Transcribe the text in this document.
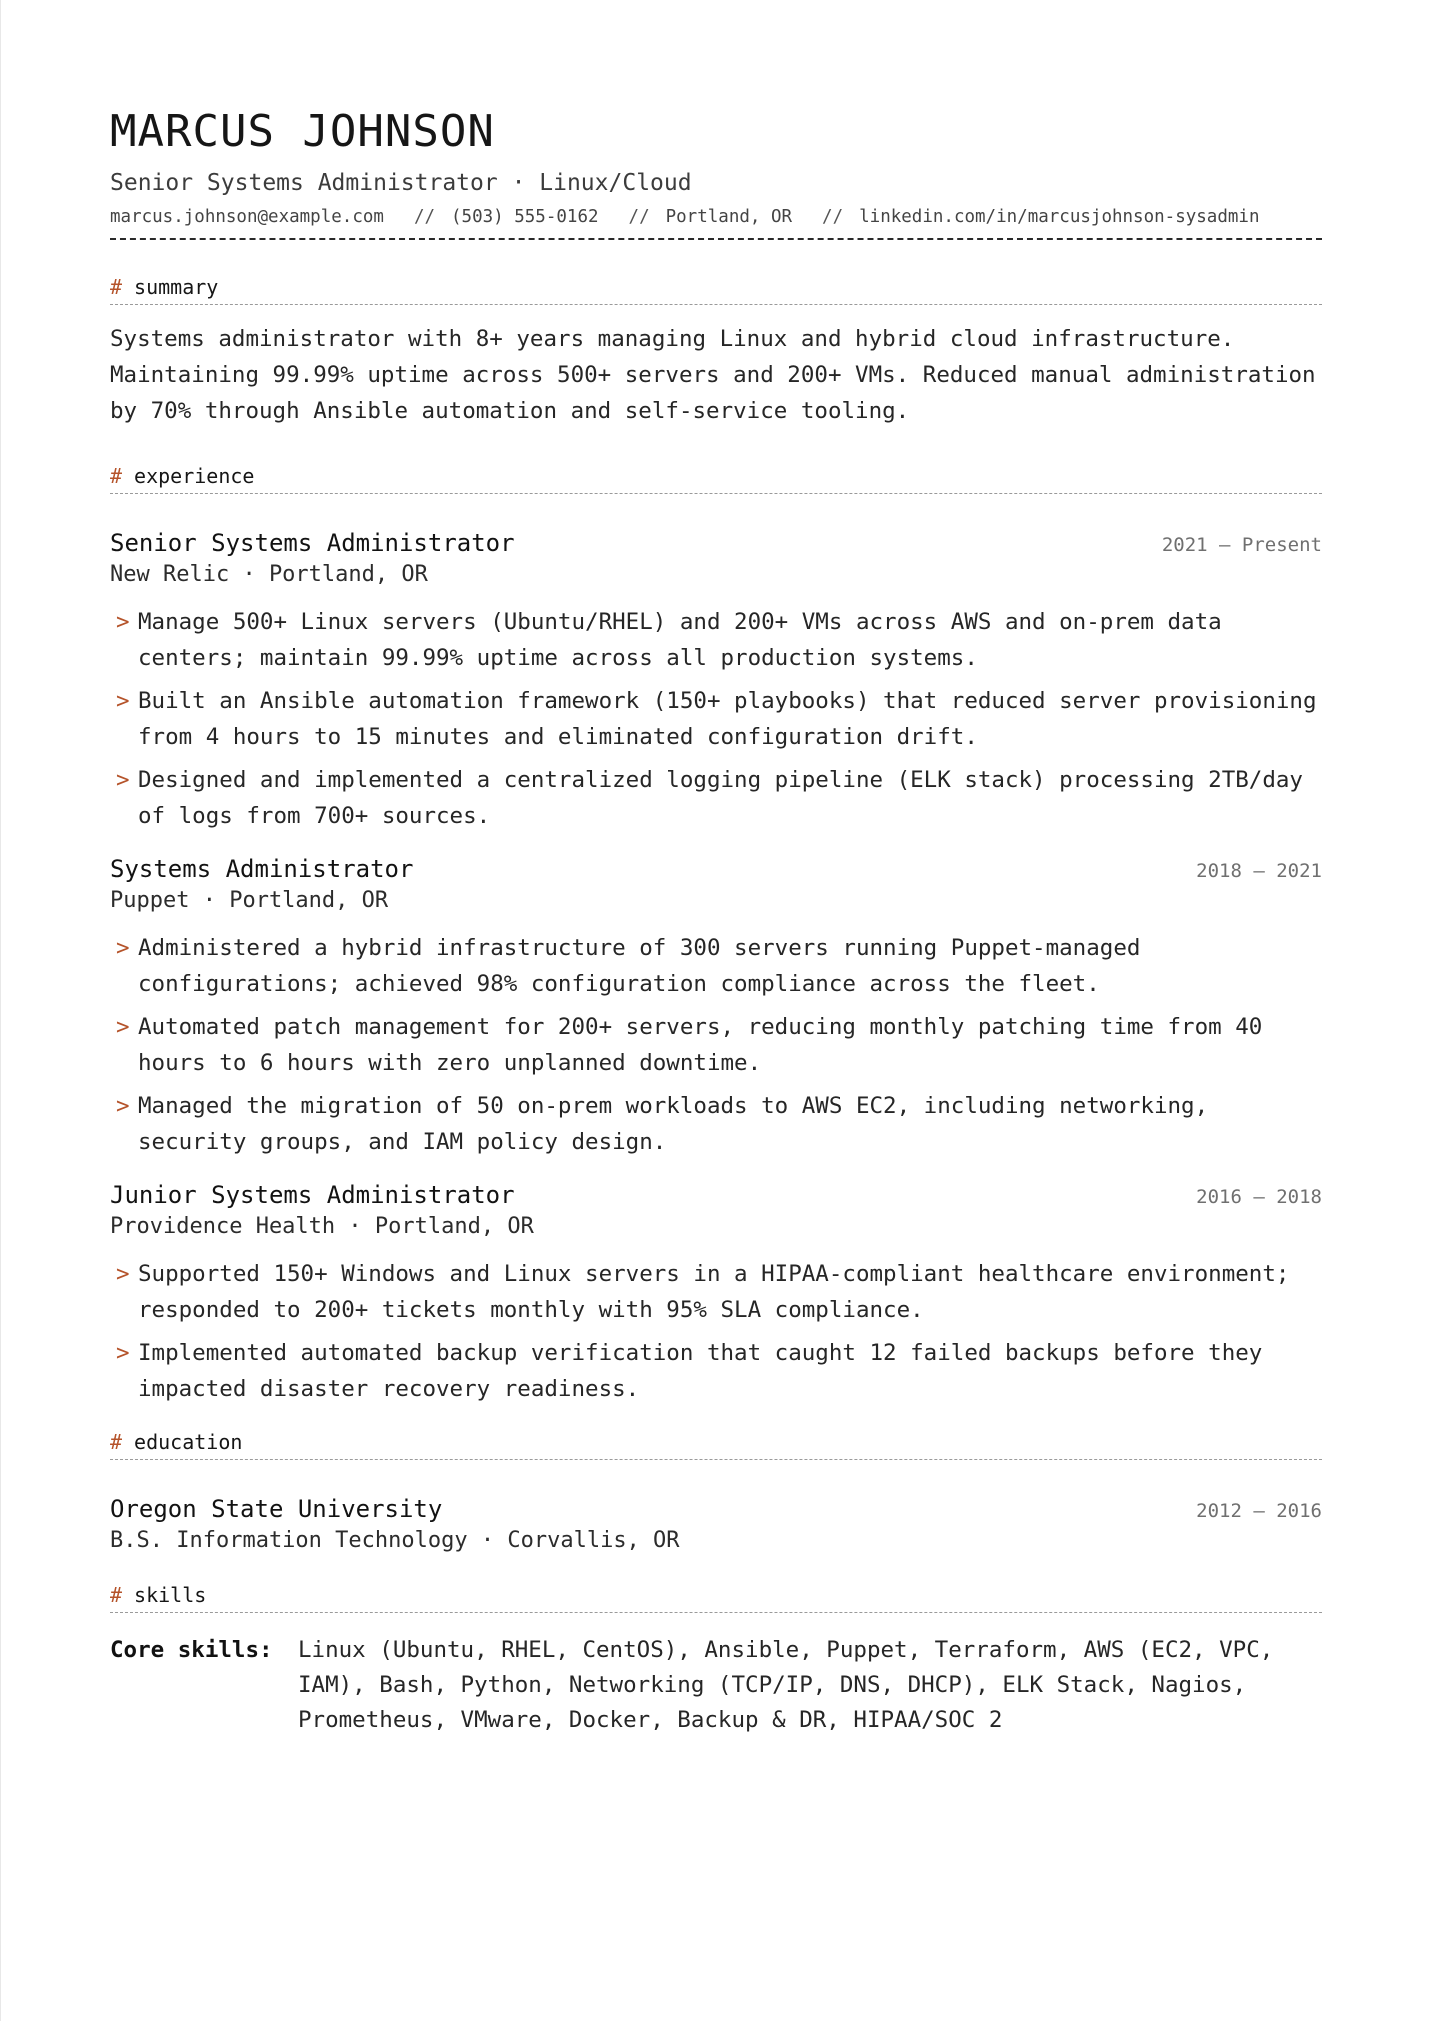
MARCUS JOHNSON
Senior Systems Administrator · Linux/Cloud
marcus.johnson@example.com // (503) 555-0162 // Portland, OR // linkedin.com/in/marcusjohnson-sysadmin
# summary
Systems administrator with 8+ years managing Linux and hybrid cloud infrastructure. Maintaining 99.99% uptime across 500+ servers and 200+ VMs. Reduced manual administration by 70% through Ansible automation and self-service tooling.
# experience
Senior Systems Administrator	2021 – Present
New Relic · Portland, OR
> Manage 500+ Linux servers (Ubuntu/RHEL) and 200+ VMs across AWS and on-prem data centers; maintain 99.99% uptime across all production systems.
> Built an Ansible automation framework (150+ playbooks) that reduced server provisioning from 4 hours to 15 minutes and eliminated configuration drift.
> Designed and implemented a centralized logging pipeline (ELK stack) processing 2TB/day of logs from 700+ sources.
Systems Administrator	2018 – 2021
Puppet · Portland, OR
> Administered a hybrid infrastructure of 300 servers running Puppet-managed configurations; achieved 98% configuration compliance across the fleet.
> Automated patch management for 200+ servers, reducing monthly patching time from 40 hours to 6 hours with zero unplanned downtime.
> Managed the migration of 50 on-prem workloads to AWS EC2, including networking, security groups, and IAM policy design.
Junior Systems Administrator	2016 – 2018
Providence Health · Portland, OR
> Supported 150+ Windows and Linux servers in a HIPAA-compliant healthcare environment; responded to 200+ tickets monthly with 95% SLA compliance.
> Implemented automated backup verification that caught 12 failed backups before they impacted disaster recovery readiness.
# education
Oregon State University	2012 – 2016
B.S. Information Technology · Corvallis, OR
# skills
Core skills:	Linux (Ubuntu, RHEL, CentOS), Ansible, Puppet, Terraform, AWS (EC2, VPC, IAM), Bash, Python, Networking (TCP/IP, DNS, DHCP), ELK Stack, Nagios, Prometheus, VMware, Docker, Backup & DR, HIPAA/SOC 2
